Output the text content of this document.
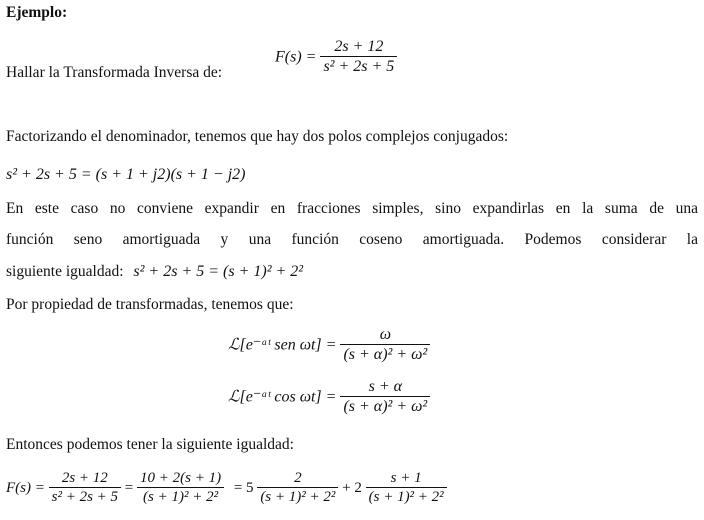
Ejemplo:
Hallar la Transformada Inversa de:
$F(s) = \frac{2s + 12}{\text{s² + 2s + 5}}$
Factorizando el denominador, tenemos que hay dos polos complejos conjugados:
s² + 2s + 5 = (s + 1 + j2)(s + 1 − j2)
En este caso no conviene expandir en fracciones simples, sino expandirlas en la suma de una
función seno amortiguada y una función coseno amortiguada. Podemos considerar la
siguiente igualdad: s² + 2s + 5 = (s + 1)² + 2²
Por propiedad de transformadas, tenemos que:
ℒ[e⁻ᵃᵗ sen $\omega t] = \frac{\omega}{\text{(s + α)² + ω²}}$
ℒ[e⁻ᵃᵗ $\cos \omega t] = \frac{s + \alpha}{\text{(s + α)² + ω²}}$
Entonces podemos tener la siguiente igualdad:
$F(s) = \frac{2s + 12}{\text{s² + 2s + 5}} = \frac{10 + 2(s + 1)}{\text{(s + 1)² + 2²}} = 5 \frac{2}{\text{(s + 1)² + 2²}} + 2 \frac{s + 1}{\text{(s + 1)² + 2²}}$
